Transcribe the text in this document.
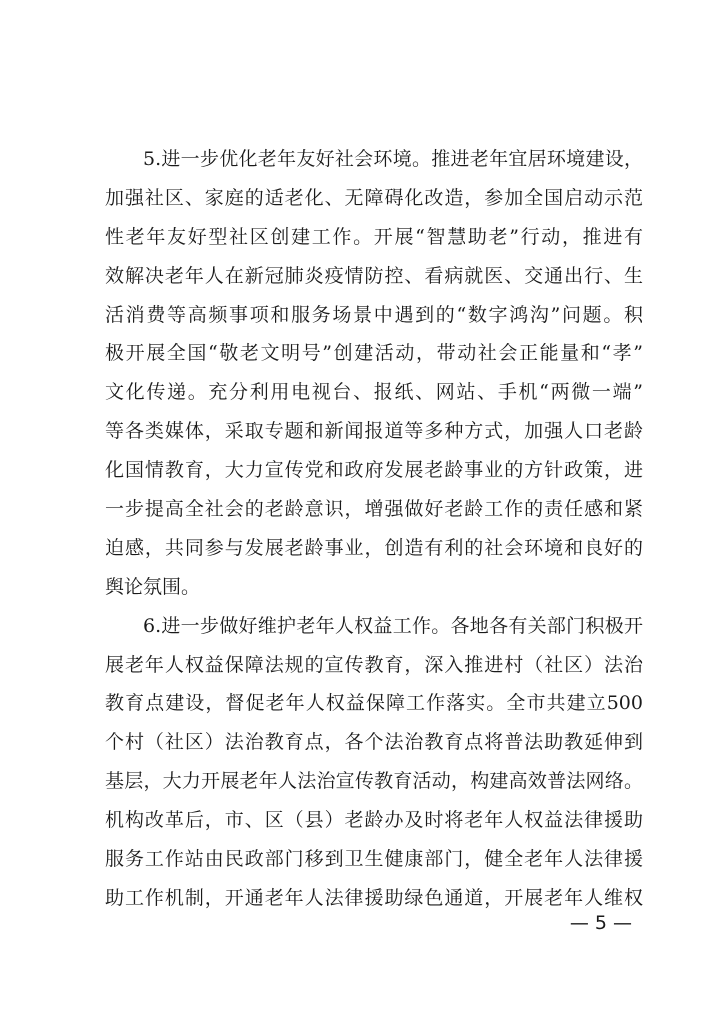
5.进一步优化老年友好社会环境。推进老年宜居环境建设，
加强社区、家庭的适老化、无障碍化改造，参加全国启动示范
性老年友好型社区创建工作。开展“智慧助老”行动，推进有
效解决老年人在新冠肺炎疫情防控、看病就医、交通出行、生
活消费等高频事项和服务场景中遇到的“数字鸿沟”问题。积
极开展全国“敬老文明号”创建活动，带动社会正能量和“孝”
文化传递。充分利用电视台、报纸、网站、手机“两微一端”
等各类媒体，采取专题和新闻报道等多种方式，加强人口老龄
化国情教育，大力宣传党和政府发展老龄事业的方针政策，进
一步提高全社会的老龄意识，增强做好老龄工作的责任感和紧
迫感，共同参与发展老龄事业，创造有利的社会环境和良好的
舆论氛围。
6.进一步做好维护老年人权益工作。各地各有关部门积极开
展老年人权益保障法规的宣传教育，深入推进村（社区）法治
教育点建设，督促老年人权益保障工作落实。全市共建立500
个村（社区）法治教育点，各个法治教育点将普法助教延伸到
基层，大力开展老年人法治宣传教育活动，构建高效普法网络。
机构改革后，市、区（县）老龄办及时将老年人权益法律援助
服务工作站由民政部门移到卫生健康部门，健全老年人法律援
助工作机制，开通老年人法律援助绿色通道，开展老年人维权
— 5 —
